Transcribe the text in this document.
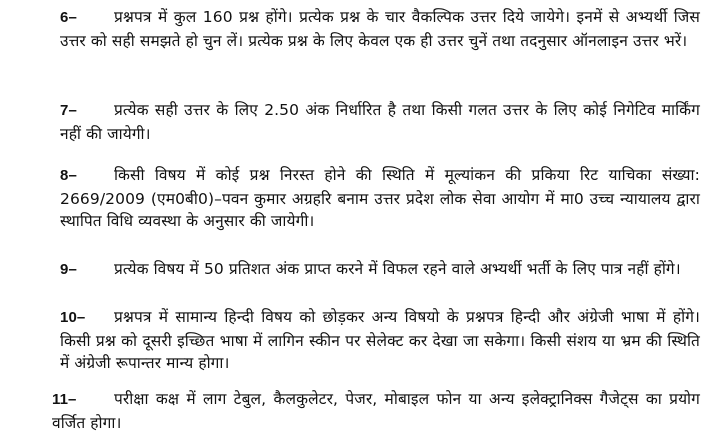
6– प्रश्नपत्र में कुल 160 प्रश्न होंगे। प्रत्येक प्रश्न के चार वैकल्पिक उत्तर दिये जायेगे। इनमें से अभ्यर्थी जिस उत्तर को सही समझते हो चुन लें। प्रत्येक प्रश्न के लिए केवल एक ही उत्तर चुनें तथा तदनुसार ऑनलाइन उत्तर भरें।
7– प्रत्येक सही उत्तर के लिए 2.50 अंक निर्धारित है तथा किसी गलत उत्तर के लिए कोई निगेटिव मार्किंग नहीं की जायेगी।
8– किसी विषय में कोई प्रश्न निरस्त होने की स्थिति में मूल्यांकन की प्रकिया रिट याचिका संख्या: 2669/2009 (एम0बी0)–पवन कुमार अग्रहरि बनाम उत्तर प्रदेश लोक सेवा आयोग में मा0 उच्च न्यायालय द्वारा स्थापित विधि व्यवस्था के अनुसार की जायेगी।
9– प्रत्येक विषय में 50 प्रतिशत अंक प्राप्त करने में विफल रहने वाले अभ्यर्थी भर्ती के लिए पात्र नहीं होंगे।
10– प्रश्नपत्र में सामान्य हिन्दी विषय को छोड़कर अन्य विषयो के प्रश्नपत्र हिन्दी और अंग्रेजी भाषा में होंगे। किसी प्रश्न को दूसरी इच्छित भाषा में लागिन स्कीन पर सेलेक्ट कर देखा जा सकेगा। किसी संशय या भ्रम की स्थिति में अंग्रेजी रूपान्तर मान्य होगा।
11– परीक्षा कक्ष में लाग टेबुल, कैलकुलेटर, पेजर, मोबाइल फोन या अन्य इलेक्ट्रानिक्स गैजेट्स का प्रयोग वर्जित होगा।
